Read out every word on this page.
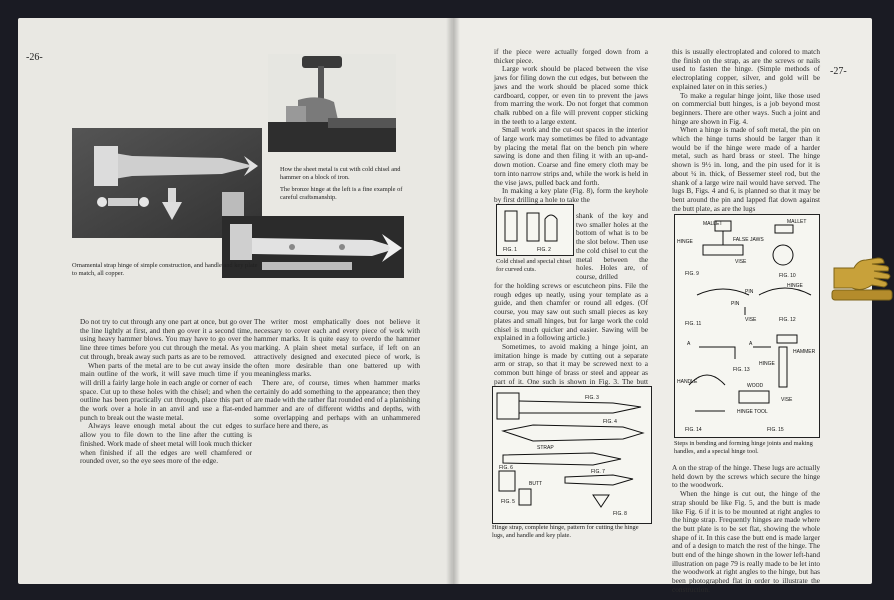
-26-
How the sheet metal is cut with cold chisel and hammer on a block of iron.
The bronze hinge at the left is a fine example of careful craftsmanship.
Ornamental strap hinge of simple construction, and handle and key plate to match, all copper.

Do not try to cut through any one part at once, but go over the line lightly at first, and then go over it a second time, using heavy hammer blows. You may have to go over the line three times before you cut through the metal. As you cut through, break away such parts as are to be removed.

When parts of the metal are to be cut away inside the main outline of the work, it will save much time if you will drill a fairly large hole in each angle or corner of each space. Cut up to these holes with the chisel; and when the outline has been practically cut through, place this part of the work over a hole in an anvil and use a flat-ended punch to break out the waste metal.

Always leave enough metal about the cut edges to allow you to file down to the line after the cutting is finished. Work made of sheet metal will look much thicker when finished if all the edges are well chamfered or rounded over, so the eye sees more of the edge.

The writer most emphatically does not believe it necessary to cover each and every piece of work with hammer marks. It is quite easy to overdo the hammer marking. A plain sheet metal surface, if left on an attractively designed and executed piece of work, is often more desirable than one battered up with meaningless marks.

There are, of course, times when hammer marks certainly do add something to the appearance; then they are made with the rather flat rounded end of a planishing hammer and are of different widths and depths, with some overlapping and perhaps with an unhammered surface here and there, as

-27-

if the piece were actually forged down from a thicker piece.

Large work should be placed between the vise jaws for filing down the cut edges, but between the jaws and the work should be placed some thick cardboard, copper, or even tin to prevent the jaws from marring the work. Do not forget that common chalk rubbed on a file will prevent copper sticking in the teeth to a large extent.

Small work and the cut-out spaces in the interior of large work may sometimes be filed to advantage by placing the metal flat on the bench pin where sawing is done and then filing it with an up-and-down motion. Coarse and fine emery cloth may be torn into narrow strips and, while the work is held in the vise jaws, pulled back and forth.

In making a key plate (Fig. 8), form the keyhole by first drilling a hole to take the

FIG. 1	FIG. 2
Cold chisel and special chisel for curved cuts.

shank of the key and two smaller holes at the bottom of what is to be the slot below. Then use the cold chisel to cut the metal between the holes. Holes are, of course, drilled

for the holding screws or escutcheon pins. File the rough edges up neatly, using your template as a guide, and then chamfer or round all edges. (Of course, you may saw out such small pieces as key plates and small hinges, but for large work the cold chisel is much quicker and easier. Sawing will be explained in a following article.)

Sometimes, to avoid making a hinge joint, an imitation hinge is made by cutting out a separate arm or strap, so that it may be screwed next to a common butt hinge of brass or steel and appear as part of it. One such is shown in Fig. 3. The butt

FIG. 3
FIG. 4
STRAP
FIG. 6
FIG. 7
BUTT
FIG. 5
FIG. 8
Hinge strap, complete hinge, pattern for cutting the hinge lugs, and handle and key plate.

this is usually electroplated and colored to match the finish on the strap, as are the screws or nails used to fasten the hinge. (Simple methods of electroplating copper, silver, and gold will be explained later on in this series.)

To make a regular hinge joint, like those used on commercial butt hinges, is a job beyond most beginners. There are other ways. Such a joint and hinge are shown in Fig. 4.

When a hinge is made of soft metal, the pin on which the hinge turns should be larger than it would be if the hinge were made of a harder metal, such as hard brass or steel. The hinge shown is 9½ in. long, and the pin used for it is about ¼ in. thick, of Bessemer steel rod, but the shank of a large wire nail would have served. The lugs B, Figs. 4 and 6, is planned so that it may be bent around the pin and lapped flat down against the butt plate, as are the lugs

MALLET	MALLET
HINGE	FALSE JAWS
VISE
FIG. 9	FIG. 10
PIN
HINGE
PIN
VISE
FIG. 11
FIG. 12
A	A
FIG. 13
HINGE
HAMMER
HANDLE
WOOD
HINGE TOOL
VISE
FIG. 14	FIG. 15
Steps in bending and forming hinge joints and making handles, and a special hinge tool.

A on the strap of the hinge. These lugs are actually held down by the screws which secure the hinge to the woodwork.

When the hinge is cut out, the hinge of the strap should be like Fig. 5, and the butt is made like Fig. 6 if it is to be mounted at right angles to the hinge strap. Frequently hinges are made where the butt plate is to be set flat, showing the whole shape of it. In this case the butt end is made larger and of a design to match the rest of the hinge. The butt end of the hinge shown in the lower left-hand illustration on page 79 is really made to be let into the woodwork at right angles to the hinge, but has been photographed flat in order to illustrate the construction.
